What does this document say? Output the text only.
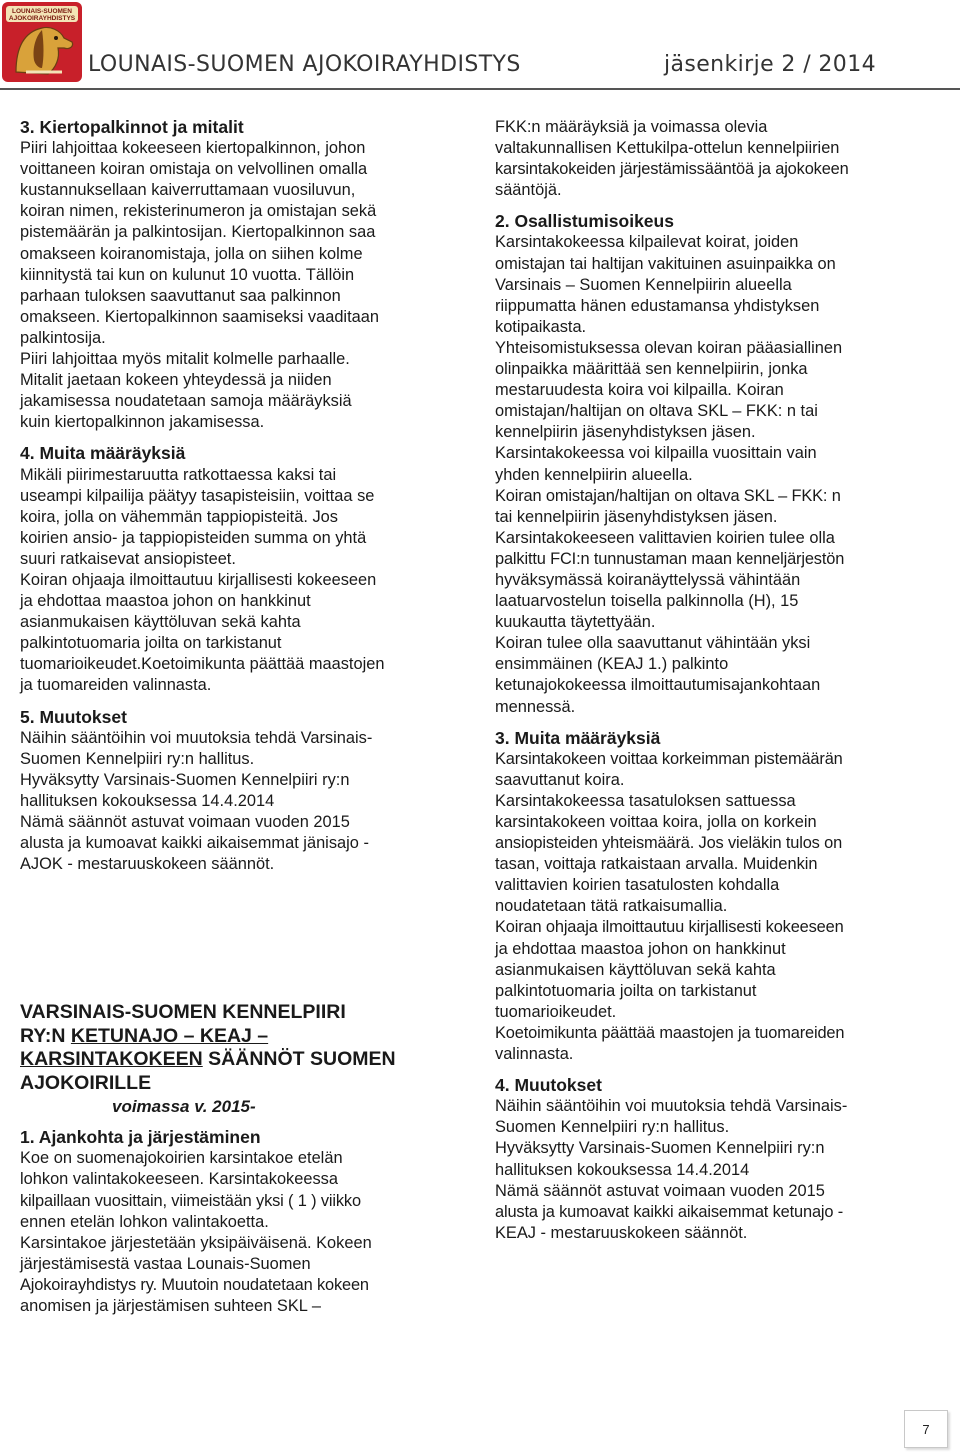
LOUNAIS-SUOMEN
AJOKOIRAYHDISTYS
LOUNAIS-SUOMEN AJOKOIRAYHDISTYS	jäsenkirje 2 / 2014
3. Kiertopalkinnot ja mitalit
Piiri lahjoittaa kokeeseen kiertopalkinnon, johon
voittaneen koiran omistaja on velvollinen omalla
kustannuksellaan kaiverruttamaan vuosiluvun,
koiran nimen, rekisterinumeron ja omistajan sekä
pistemäärän ja palkintosijan. Kiertopalkinnon saa
omakseen koiranomistaja, jolla on siihen kolme
kiinnitystä tai kun on kulunut 10 vuotta. Tällöin
parhaan tuloksen saavuttanut saa palkinnon
omakseen. Kiertopalkinnon saamiseksi vaaditaan
palkintosija.
Piiri lahjoittaa myös mitalit kolmelle parhaalle.
Mitalit jaetaan kokeen yhteydessä ja niiden
jakamisessa noudatetaan samoja määräyksiä
kuin kiertopalkinnon jakamisessa.
4. Muita määräyksiä
Mikäli piirimestaruutta ratkottaessa kaksi tai
useampi kilpailija päätyy tasapisteisiin, voittaa se
koira, jolla on vähemmän tappiopisteitä. Jos
koirien ansio- ja tappiopisteiden summa on yhtä
suuri ratkaisevat ansiopisteet.
Koiran ohjaaja ilmoittautuu kirjallisesti kokeeseen
ja ehdottaa maastoa johon on hankkinut
asianmukaisen käyttöluvan sekä kahta
palkintotuomaria joilta on tarkistanut
tuomarioikeudet.Koetoimikunta päättää maastojen
ja tuomareiden valinnasta.
5. Muutokset
Näihin sääntöihin voi muutoksia tehdä Varsinais-
Suomen Kennelpiiri ry:n hallitus.
Hyväksytty Varsinais-Suomen Kennelpiiri ry:n
hallituksen kokouksessa 14.4.2014
Nämä säännöt astuvat voimaan vuoden 2015
alusta ja kumoavat kaikki aikaisemmat jänisajo -
AJOK - mestaruuskokeen säännöt.
VARSINAIS-SUOMEN KENNELPIIRI
RY:N KETUNAJO – KEAJ –
KARSINTAKOKEEN SÄÄNNÖT SUOMEN
AJOKOIRILLE
voimassa v. 2015-
1. Ajankohta ja järjestäminen
Koe on suomenajokoirien karsintakoe etelän
lohkon valintakokeeseen. Karsintakokeessa
kilpaillaan vuosittain, viimeistään yksi ( 1 ) viikko
ennen etelän lohkon valintakoetta.
Karsintakoe järjestetään yksipäiväisenä. Kokeen
järjestämisestä vastaa Lounais-Suomen
Ajokoirayhdistys ry. Muutoin noudatetaan kokeen
anomisen ja järjestämisen suhteen SKL –
FKK:n määräyksiä ja voimassa olevia
valtakunnallisen Kettukilpa-ottelun kennelpiirien
karsintakokeiden järjestämissääntöä ja ajokokeen
sääntöjä.
2. Osallistumisoikeus
Karsintakokeessa kilpailevat koirat, joiden
omistajan tai haltijan vakituinen asuinpaikka on
Varsinais – Suomen Kennelpiirin alueella
riippumatta hänen edustamansa yhdistyksen
kotipaikasta.
Yhteisomistuksessa olevan koiran pääasiallinen
olinpaikka määrittää sen kennelpiirin, jonka
mestaruudesta koira voi kilpailla. Koiran
omistajan/haltijan on oltava SKL – FKK: n tai
kennelpiirin jäsenyhdistyksen jäsen.
Karsintakokeessa voi kilpailla vuosittain vain
yhden kennelpiirin alueella.
Koiran omistajan/haltijan on oltava SKL – FKK: n
tai kennelpiirin jäsenyhdistyksen jäsen.
Karsintakokeeseen valittavien koirien tulee olla
palkittu FCI:n tunnustaman maan kenneljärjestön
hyväksymässä koiranäyttelyssä vähintään
laatuarvostelun toisella palkinnolla (H), 15
kuukautta täytettyään.
Koiran tulee olla saavuttanut vähintään yksi
ensimmäinen (KEAJ 1.) palkinto
ketunajokokeessa ilmoittautumisajankohtaan
mennessä.
3. Muita määräyksiä
Karsintakokeen voittaa korkeimman pistemäärän
saavuttanut koira.
Karsintakokeessa tasatuloksen sattuessa
karsintakokeen voittaa koira, jolla on korkein
ansiopisteiden yhteismäärä. Jos vieläkin tulos on
tasan, voittaja ratkaistaan arvalla. Muidenkin
valittavien koirien tasatulosten kohdalla
noudatetaan tätä ratkaisumallia.
Koiran ohjaaja ilmoittautuu kirjallisesti kokeeseen
ja ehdottaa maastoa johon on hankkinut
asianmukaisen käyttöluvan sekä kahta
palkintotuomaria joilta on tarkistanut
tuomarioikeudet.
Koetoimikunta päättää maastojen ja tuomareiden
valinnasta.
4. Muutokset
Näihin sääntöihin voi muutoksia tehdä Varsinais-
Suomen Kennelpiiri ry:n hallitus.
Hyväksytty Varsinais-Suomen Kennelpiiri ry:n
hallituksen kokouksessa 14.4.2014
Nämä säännöt astuvat voimaan vuoden 2015
alusta ja kumoavat kaikki aikaisemmat ketunajo -
KEAJ - mestaruuskokeen säännöt.
7
